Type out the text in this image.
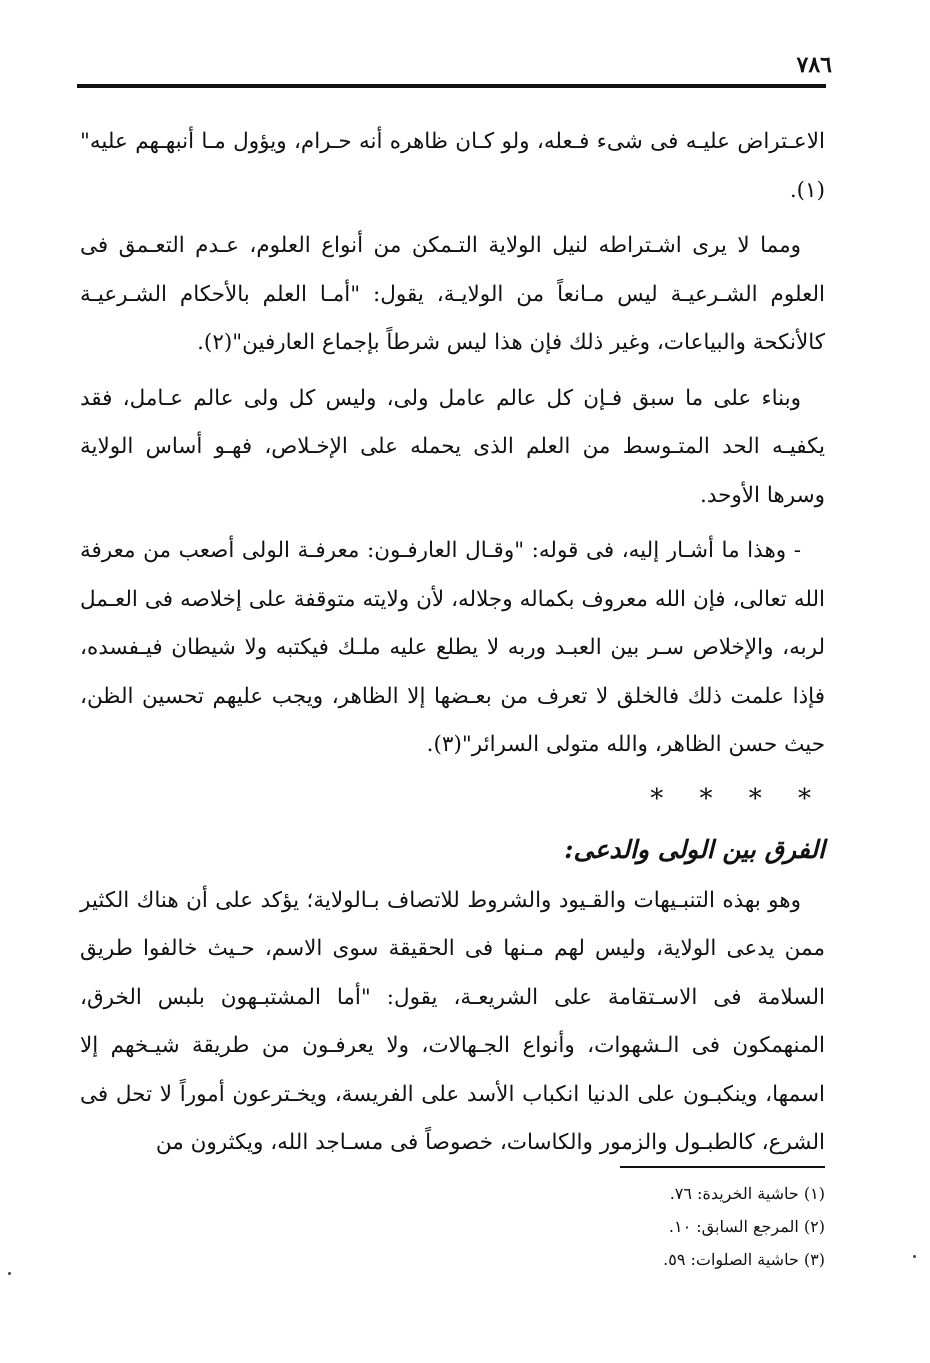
٧٨٦

الاعـتراض عليـه فى شىء فـعله، ولو كـان ظاهره أنه حـرام، ويؤول مـا أنبهـهم عليه"(١).

ومما لا يرى اشـتراطه لنيل الولاية التـمكن من أنواع العلوم، عـدم التعـمق فى العلوم الشـرعيـة ليس مـانعاً من الولايـة، يقول: "أمـا العلم بالأحكام الشـرعيـة كالأنكحة والبياعات، وغير ذلك فإن هذا ليس شرطاً بإجماع العارفين"(٢).

وبناء على ما سبق فـإن كل عالم عامل ولى، وليس كل ولى عالم عـامل، فقد يكفيـه الحد المتـوسط من العلم الذى يحمله على الإخـلاص، فهـو أساس الولاية وسرها الأوحد.

- وهذا ما أشـار إليه، فى قوله: "وقـال العارفـون: معرفـة الولى أصعب من معرفة الله تعالى، فإن الله معروف بكماله وجلاله، لأن ولايته متوقفة على إخلاصه فى العـمل لربه، والإخلاص سـر بين العبـد وربه لا يطلع عليه ملـك فيكتبه ولا شيطان فيـفسده، فإذا علمت ذلك فالخلق لا تعرف من بعـضها إلا الظاهر، ويجب عليهم تحسين الظن، حيث حسن الظاهر، والله متولى السرائر"(٣).

* * * *
الفرق بين الولى والدعى:

وهو بهذه التنبـيهات والقـيود والشروط للاتصاف بـالولاية؛ يؤكد على أن هناك الكثير ممن يدعى الولاية، وليس لهم مـنها فى الحقيقة سوى الاسم، حـيث خالفوا طريق السلامة فى الاسـتقامة على الشريعـة، يقول: "أما المشتبـهون بلبس الخرق، المنهمكون فى الـشهوات، وأنواع الجـهالات، ولا يعرفـون من طريقة شيـخهم إلا اسمها، وينكبـون على الدنيا انكباب الأسد على الفريسة، ويخـترعون أموراً لا تحل فى الشرع، كالطبـول والزمور والكاسات، خصوصاً فى مسـاجد الله، ويكثرون من

(١) حاشية الخريدة: ٧٦.
(٢) المرجع السابق: ١٠.
(٣) حاشية الصلوات: ٥٩.
